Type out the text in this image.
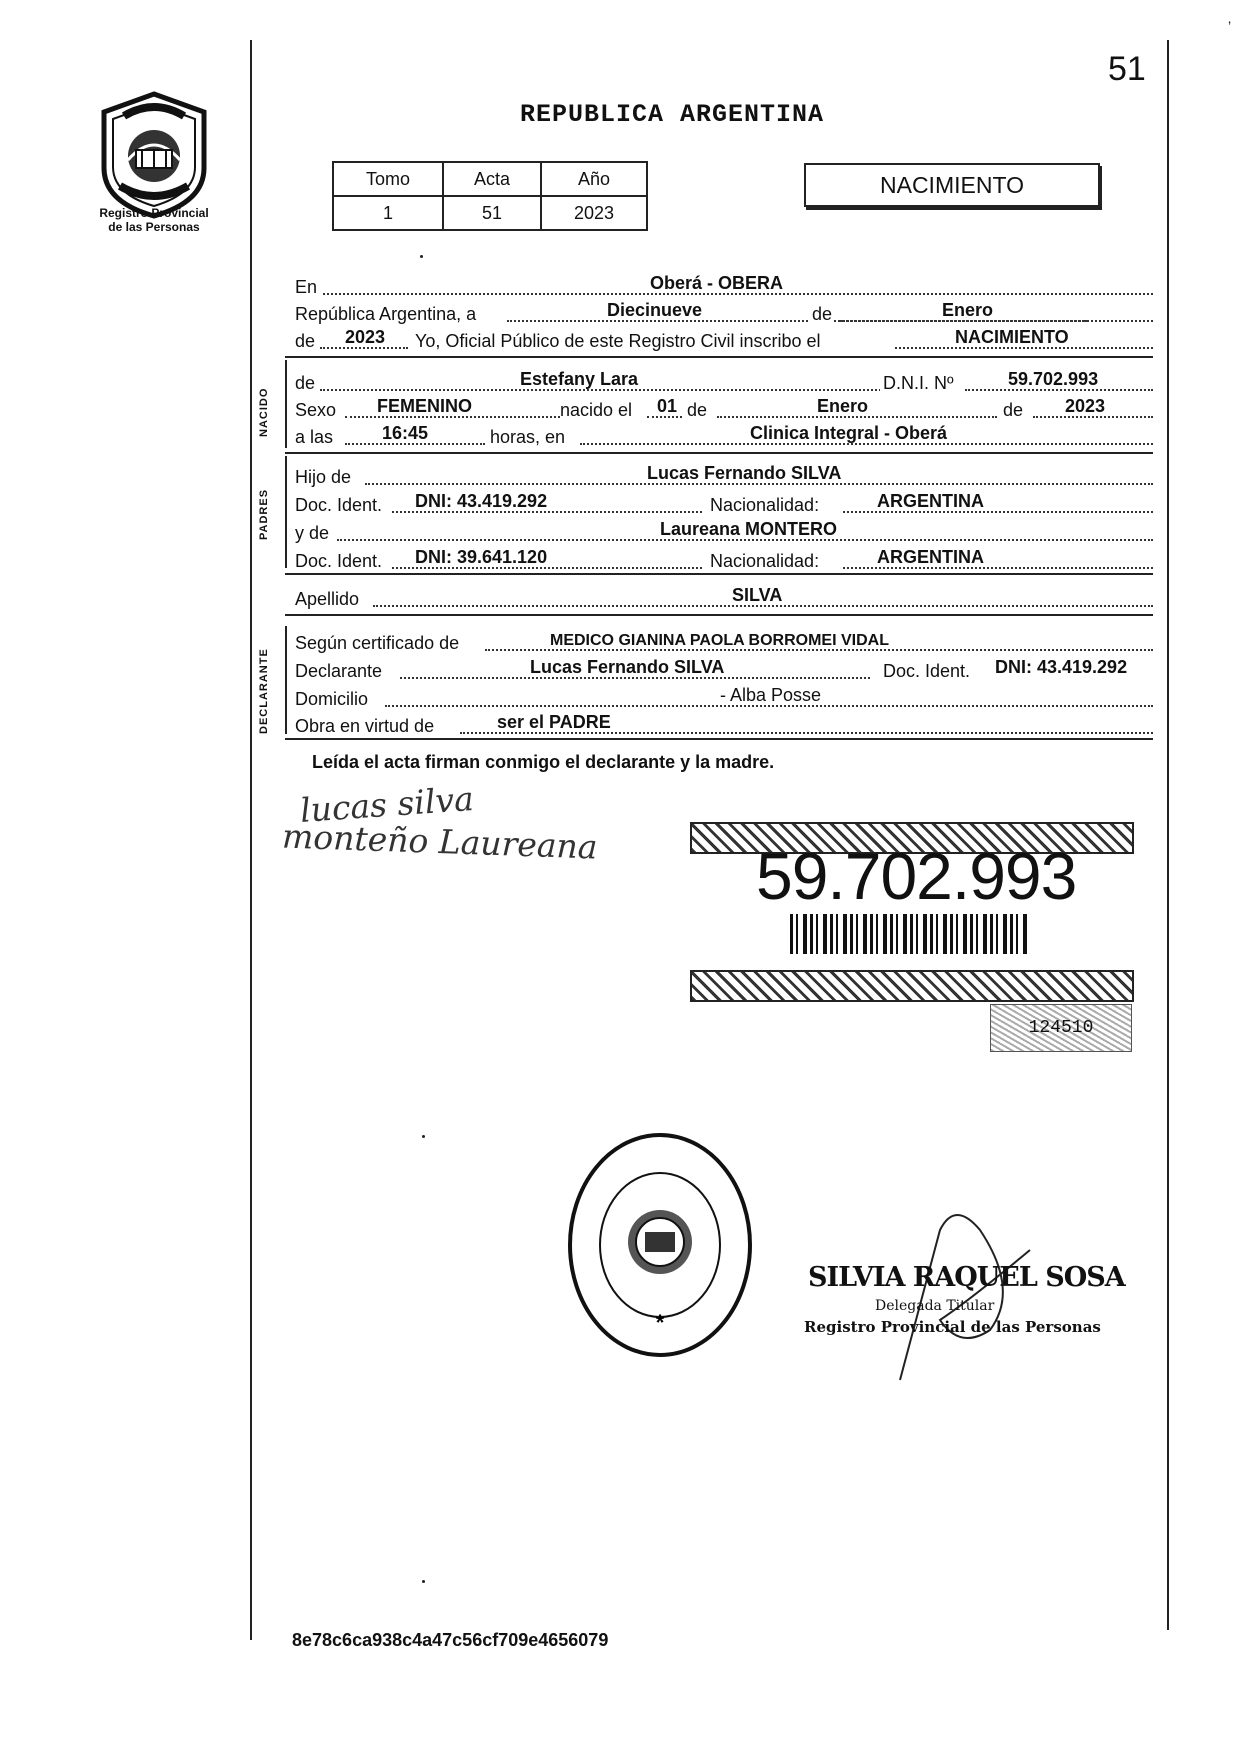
51
’
Registro Provincial
de las Personas
REPUBLICA ARGENTINA
Tomo	Acta	Año
1	51	2023
NACIMIENTO
En	Oberá - OBERA
República Argentina, a	Diecinueve	de	Enero
de 2023 Yo, Oficial Público de este Registro Civil inscribo el	NACIMIENTO
NACIDO
de	Estefany Lara	D.N.I. Nº	59.702.993
Sexo FEMENINO	nacido el 01 de	Enero	de 2023
a las	16:45	horas, en	Clinica Integral - Oberá
PADRES
Hijo de	Lucas Fernando SILVA
Doc. Ident. DNI: 43.419.292	Nacionalidad:	ARGENTINA
y de	Laureana MONTERO
Doc. Ident. DNI: 39.641.120	Nacionalidad:	ARGENTINA
Apellido	SILVA
DECLARANTE
Según certificado de	MEDICO GIANINA PAOLA BORROMEI VIDAL
Declarante	Lucas Fernando SILVA	Doc. Ident. DNI: 43.419.292
Domicilio	- Alba Posse
Obra en virtud de	ser el PADRE
Leída el acta firman conmigo el declarante y la madre.
lucas silva
monteño Laureana 59.702.993
124510
*
SILVIA RAQUEL SOSA
Delegada Titular
Registro Provincial de las Personas
8e78c6ca938c4a47c56cf709e4656079
